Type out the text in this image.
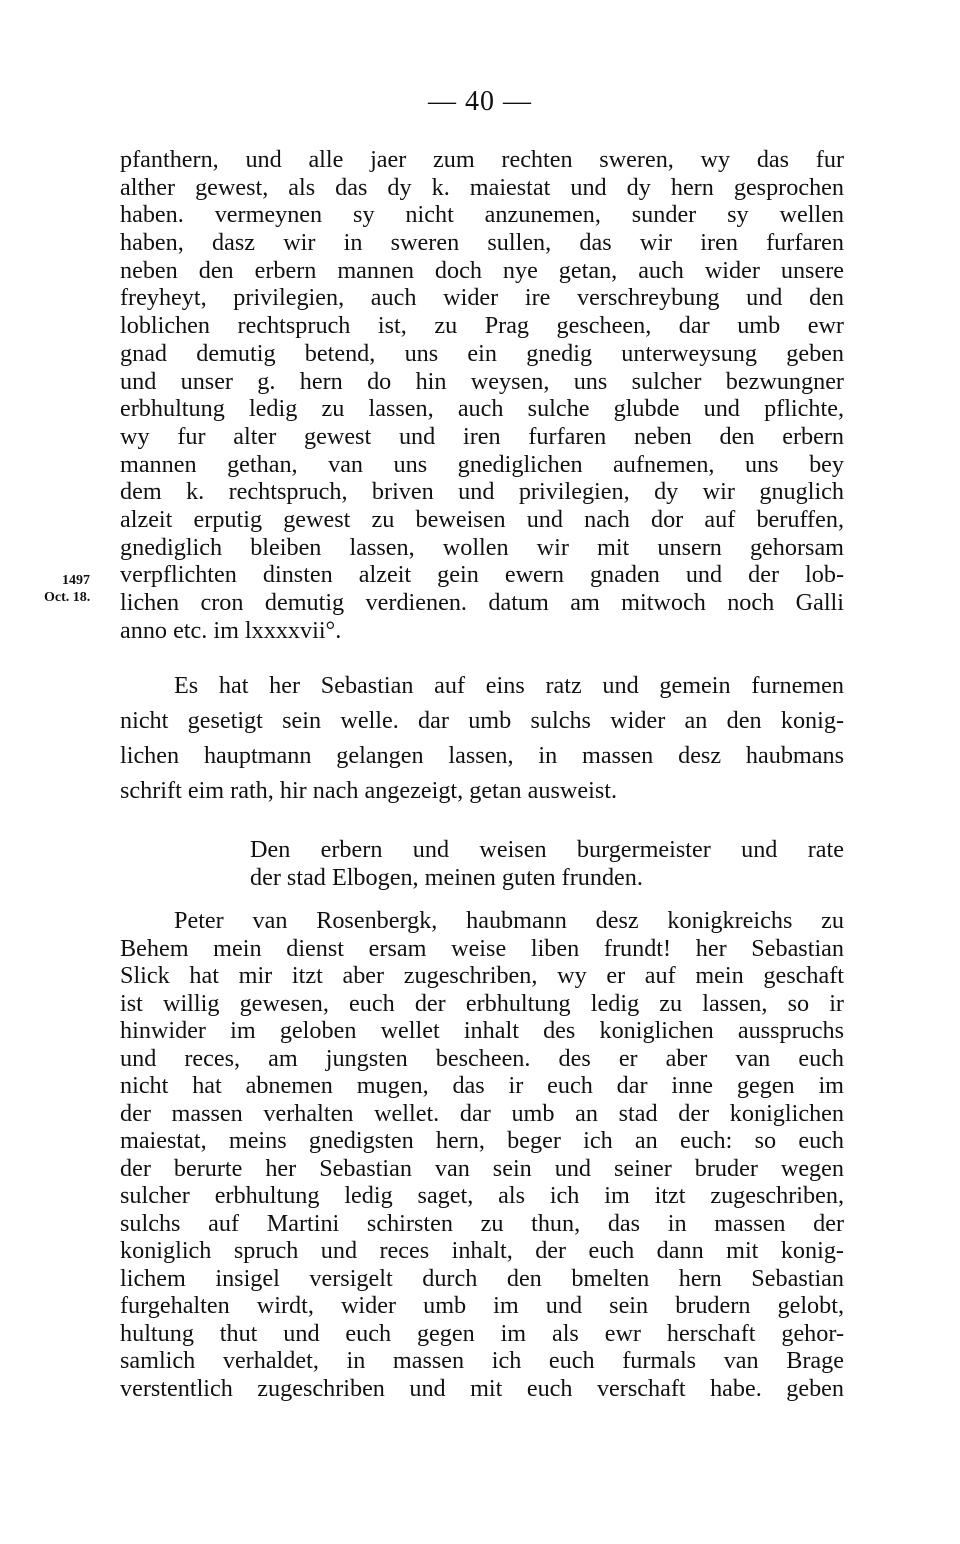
— 40 —
1497
Oct. 18.
pfanthern, und alle jaer zum rechten sweren, wy das fur
alther gewest, als das dy k. maiestat und dy hern gesprochen
haben. vermeynen sy nicht anzunemen, sunder sy wellen
haben, dasz wir in sweren sullen, das wir iren furfaren
neben den erbern mannen doch nye getan, auch wider unsere
freyheyt, privilegien, auch wider ire verschreybung und den
loblichen rechtspruch ist, zu Prag gescheen, dar umb ewr
gnad demutig betend, uns ein gnedig unterweysung geben
und unser g. hern do hin weysen, uns sulcher bezwungner
erbhultung ledig zu lassen, auch sulche glubde und pflichte,
wy fur alter gewest und iren furfaren neben den erbern
mannen gethan, van uns gnediglichen aufnemen, uns bey
dem k. rechtspruch, briven und privilegien, dy wir gnuglich
alzeit erputig gewest zu beweisen und nach dor auf beruffen,
gnediglich bleiben lassen, wollen wir mit unsern gehorsam
verpflichten dinsten alzeit gein ewern gnaden und der lob-
lichen cron demutig verdienen. datum am mitwoch noch Galli
anno etc. im lxxxxvii°.
Es hat her Sebastian auf eins ratz und gemein furnemen
nicht gesetigt sein welle. dar umb sulchs wider an den konig-
lichen hauptmann gelangen lassen, in massen desz haubmans
schrift eim rath, hir nach angezeigt, getan ausweist.
Den erbern und weisen burgermeister und rate
der stad Elbogen, meinen guten frunden.
Peter van Rosenbergk, haubmann desz konigkreichs zu
Behem mein dienst ersam weise liben frundt! her Sebastian
Slick hat mir itzt aber zugeschriben, wy er auf mein geschaft
ist willig gewesen, euch der erbhultung ledig zu lassen, so ir
hinwider im geloben wellet inhalt des koniglichen ausspruchs
und reces, am jungsten bescheen. des er aber van euch
nicht hat abnemen mugen, das ir euch dar inne gegen im
der massen verhalten wellet. dar umb an stad der koniglichen
maiestat, meins gnedigsten hern, beger ich an euch: so euch
der berurte her Sebastian van sein und seiner bruder wegen
sulcher erbhultung ledig saget, als ich im itzt zugeschriben,
sulchs auf Martini schirsten zu thun, das in massen der
koniglich spruch und reces inhalt, der euch dann mit konig-
lichem insigel versigelt durch den bmelten hern Sebastian
furgehalten wirdt, wider umb im und sein brudern gelobt,
hultung thut und euch gegen im als ewr herschaft gehor-
samlich verhaldet, in massen ich euch furmals van Brage
verstentlich zugeschriben und mit euch verschaft habe. geben
